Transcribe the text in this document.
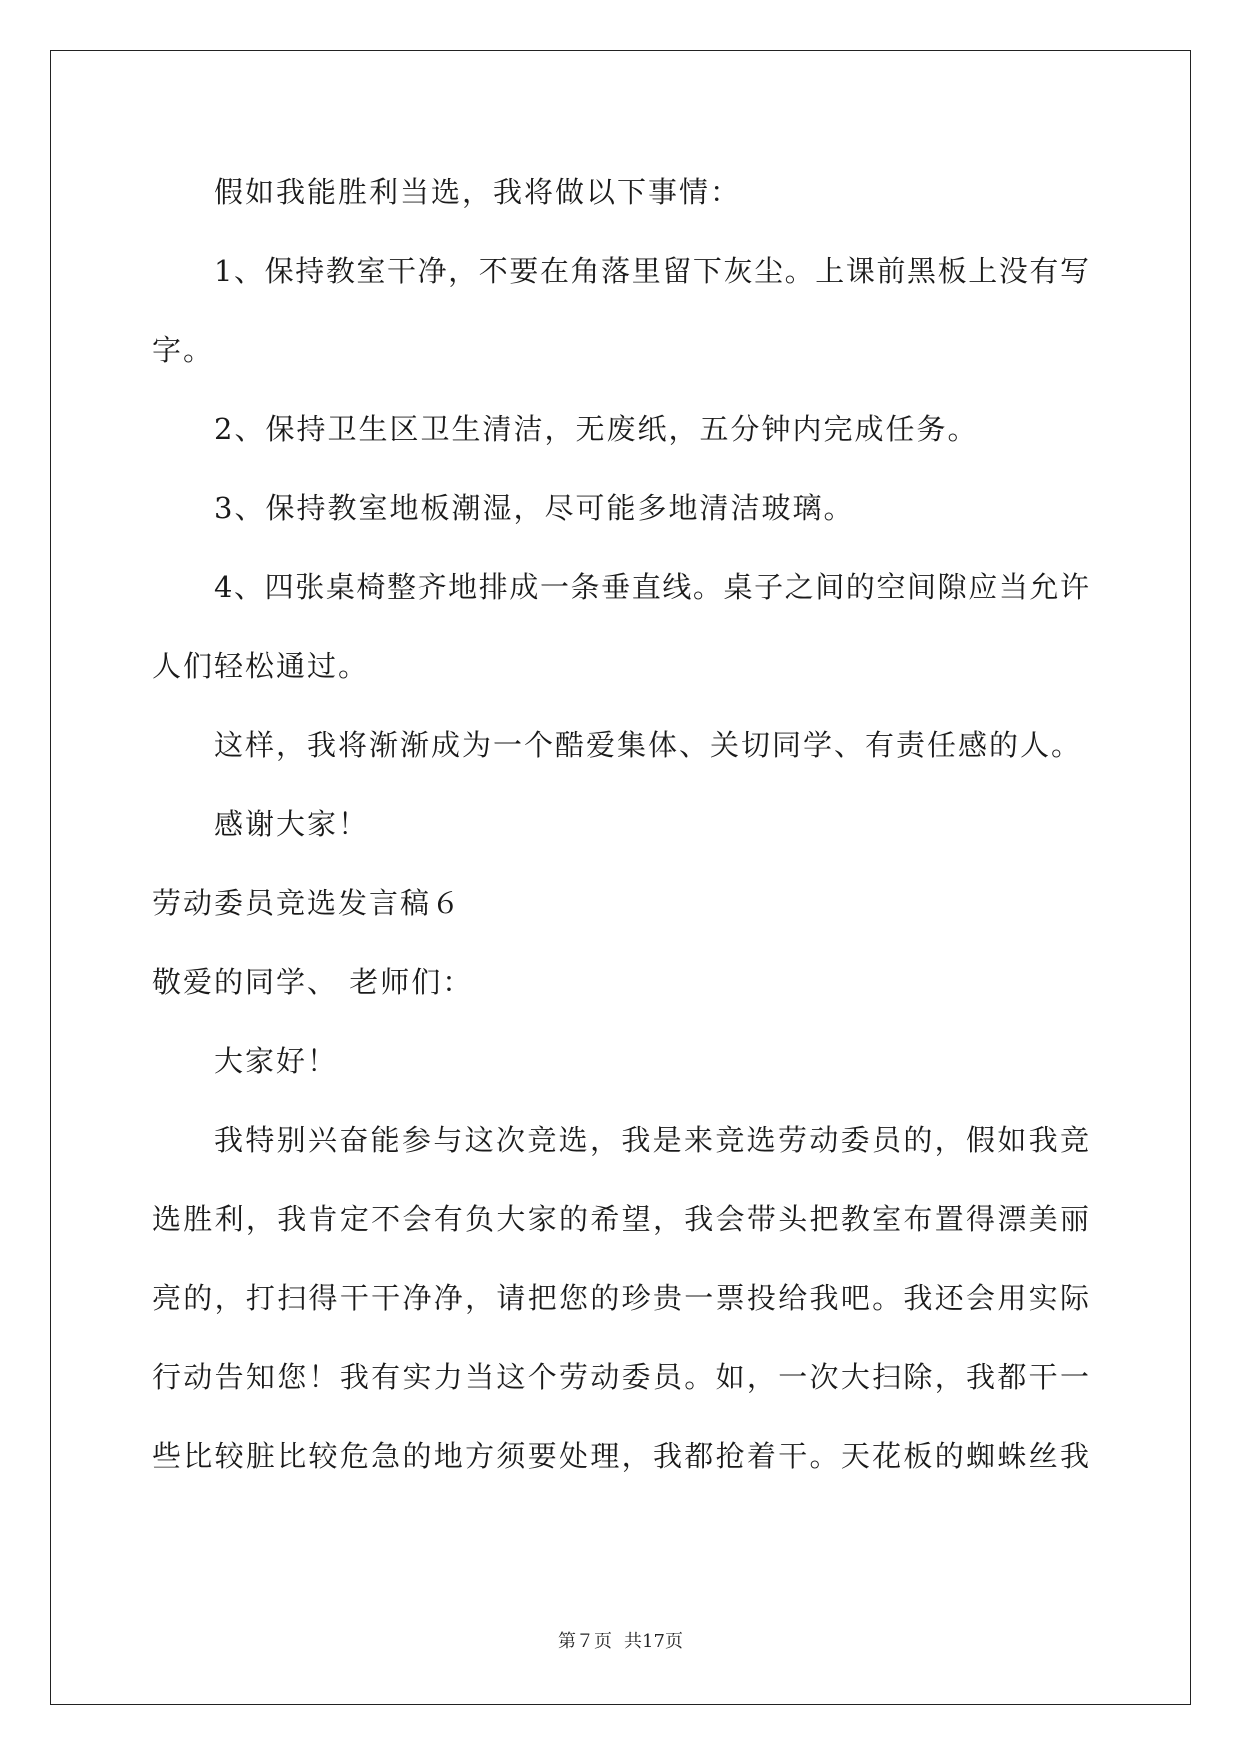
假如我能胜利当选，我将做以下事情：
1、保持教室干净，不要在角落里留下灰尘。上课前黑板上没有写
字。
2、保持卫生区卫生清洁，无废纸，五分钟内完成任务。
3、保持教室地板潮湿，尽可能多地清洁玻璃。
4、四张桌椅整齐地排成一条垂直线。桌子之间的空间隙应当允许
人们轻松通过。
这样，我将渐渐成为一个酷爱集体、关切同学、有责任感的人。
感谢大家！
劳动委员竞选发言稿６
敬爱的同学、 老师们：
大家好！
我特别兴奋能参与这次竞选，我是来竞选劳动委员的，假如我竞
选胜利，我肯定不会有负大家的希望，我会带头把教室布置得漂美丽
亮的，打扫得干干净净，请把您的珍贵一票投给我吧。我还会用实际
行动告知您！我有实力当这个劳动委员。如，一次大扫除，我都干一
些比较脏比较危急的地方须要处理，我都抢着干。天花板的蜘蛛丝我
第７页 共17页
